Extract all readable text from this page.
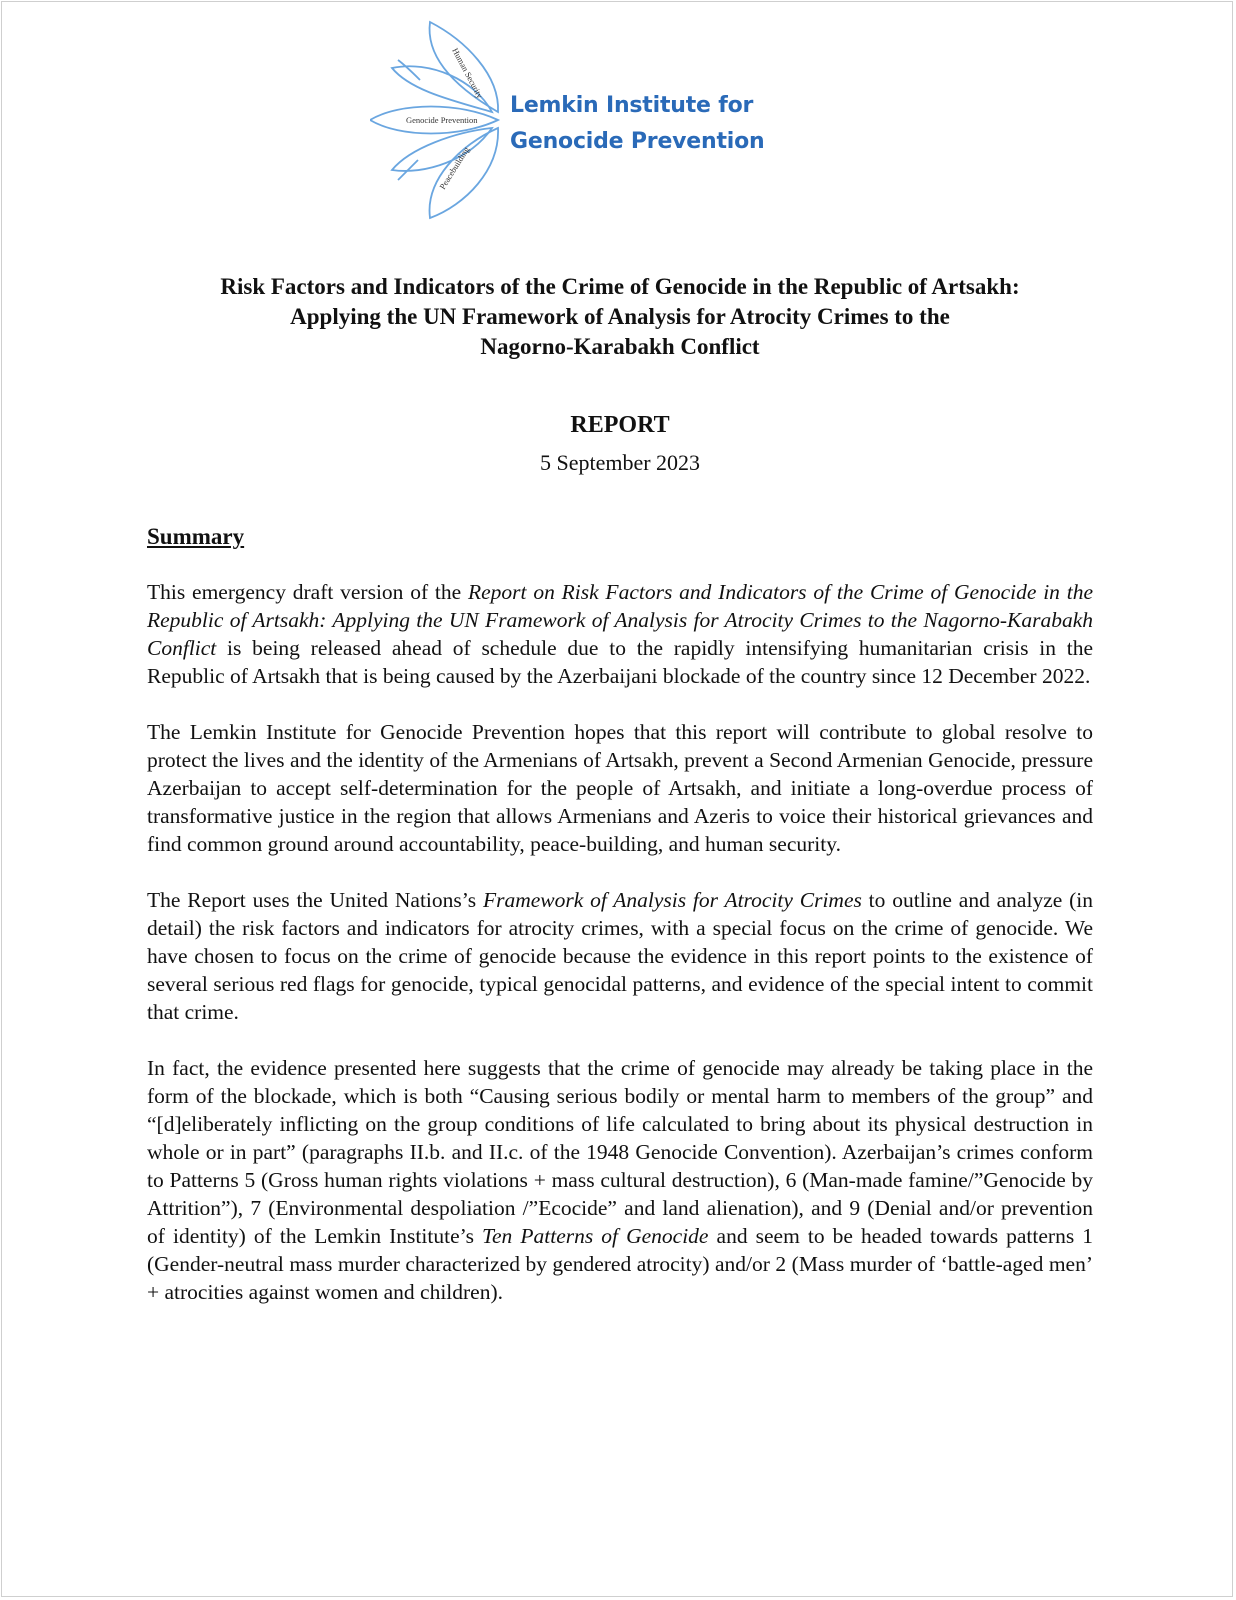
Human Security
Genocide Prevention
Peacebuilding
Lemkin Institute for
Genocide Prevention
Risk Factors and Indicators of the Crime of Genocide in the Republic of Artsakh:
Applying the UN Framework of Analysis for Atrocity Crimes to the
Nagorno-Karabakh Conflict
REPORT
5 September 2023
Summary

This emergency draft version of the Report on Risk Factors and Indicators of the Crime of Genocide in the Republic of Artsakh: Applying the UN Framework of Analysis for Atrocity Crimes to the Nagorno-Karabakh Conflict is being released ahead of schedule due to the rapidly intensifying humanitarian crisis in the Republic of Artsakh that is being caused by the Azerbaijani blockade of the country since 12 December 2022.

The Lemkin Institute for Genocide Prevention hopes that this report will contribute to global resolve to protect the lives and the identity of the Armenians of Artsakh, prevent a Second Armenian Genocide, pressure Azerbaijan to accept self-determination for the people of Artsakh, and initiate a long-overdue process of transformative justice in the region that allows Armenians and Azeris to voice their historical grievances and find common ground around accountability, peace-building, and human security.

The Report uses the United Nations’s Framework of Analysis for Atrocity Crimes to outline and analyze (in detail) the risk factors and indicators for atrocity crimes, with a special focus on the crime of genocide. We have chosen to focus on the crime of genocide because the evidence in this report points to the existence of several serious red flags for genocide, typical genocidal patterns, and evidence of the special intent to commit that crime.

In fact, the evidence presented here suggests that the crime of genocide may already be taking place in the form of the blockade, which is both “Causing serious bodily or mental harm to members of the group” and “[d]eliberately inflicting on the group conditions of life calculated to bring about its physical destruction in whole or in part” (paragraphs II.b. and II.c. of the 1948 Genocide Convention). Azerbaijan’s crimes conform to Patterns 5 (Gross human rights violations + mass cultural destruction), 6 (Man-made famine/”Genocide by Attrition”), 7 (Environmental despoliation /”Ecocide” and land alienation), and 9 (Denial and/or prevention of identity) of the Lemkin Institute’s Ten Patterns of Genocide and seem to be headed towards patterns 1 (Gender-neutral mass murder characterized by gendered atrocity) and/or 2 (Mass murder of ‘battle-aged men’ + atrocities against women and children).
